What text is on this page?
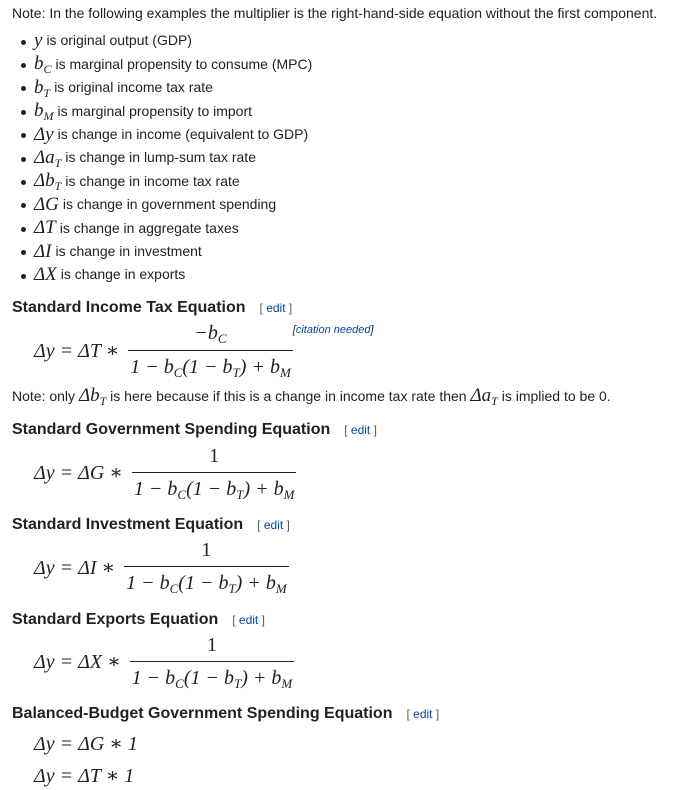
Note: In the following examples the multiplier is the right-hand-side equation without the first component.

y is original output (GDP)
$b_C$ is marginal propensity to consume (MPC)
$b_T$ is original income tax rate
$b_M$ is marginal propensity to import
Δy is change in income (equivalent to GDP)
$\Delta a_T$ is change in lump-sum tax rate
$\Delta b_T$ is change in income tax rate
ΔG is change in government spending
ΔT is change in aggregate taxes
ΔI is change in investment
ΔX is change in exports
Standard Income Tax Equation [ edit ]
Δy = ΔT ∗ $\frac{-b_C}{1 - b_C(1 - b_T) + b_M}$ [citation needed]

Note: only $\Delta b_T$ is here because if this is a change in income tax rate then $\Delta a_T$ is implied to be 0.

Standard Government Spending Equation [ edit ]
Δy = ΔG ∗ $\frac{1}{1 - b_C(1 - b_T) + b_M}$
Standard Investment Equation [ edit ]
Δy = ΔI ∗ $\frac{1}{1 - b_C(1 - b_T) + b_M}$
Standard Exports Equation [ edit ]
Δy = ΔX ∗ $\frac{1}{1 - b_C(1 - b_T) + b_M}$
Balanced-Budget Government Spending Equation [ edit ]
Δy = ΔG ∗ 1
Δy = ΔT ∗ 1
